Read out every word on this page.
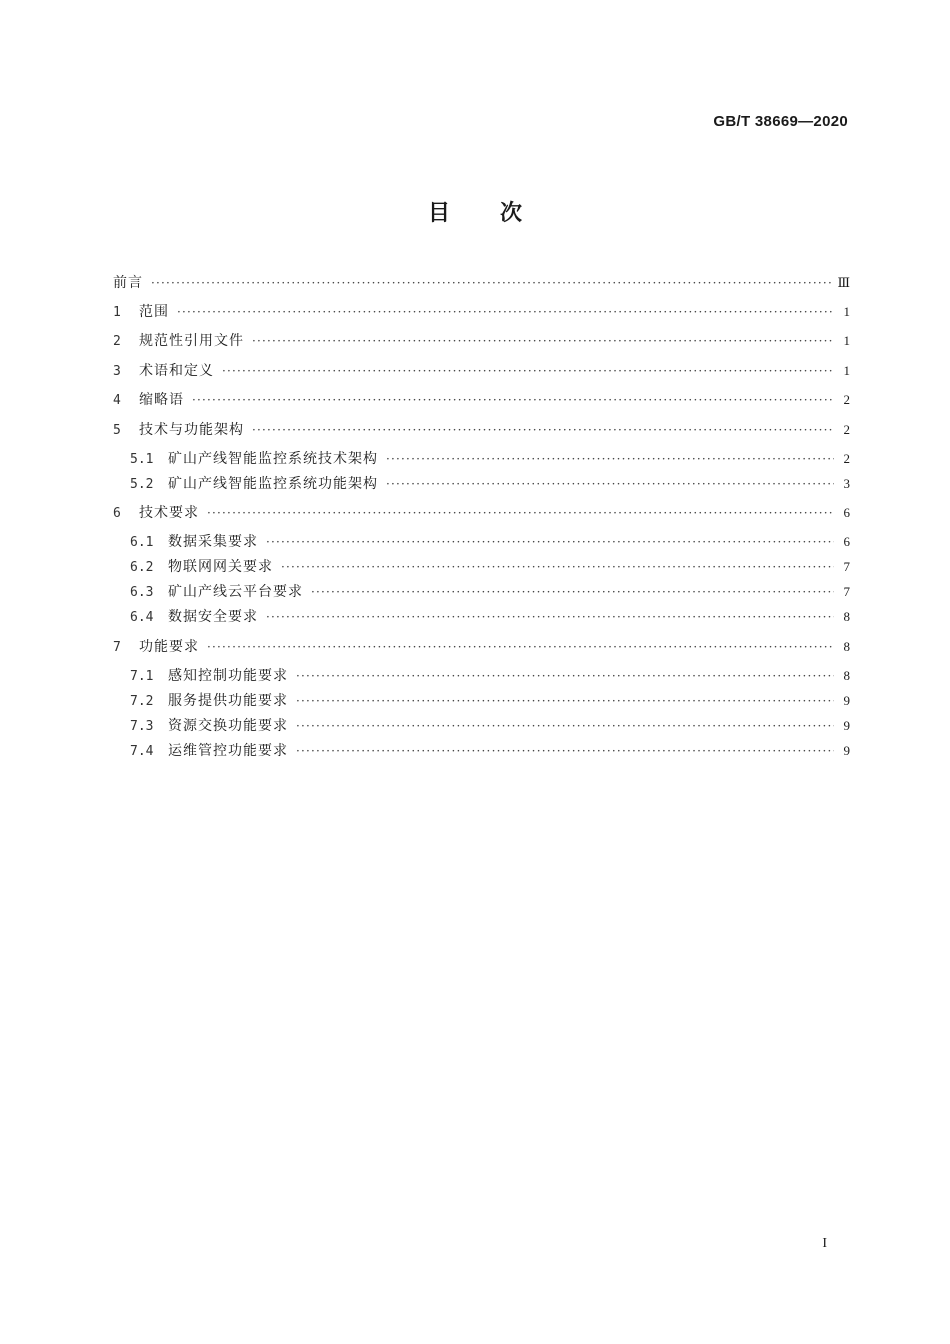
GB/T 38669—2020
目次
前言 ·····	Ⅲ
1	范围 ·····	1
2	规范性引用文件 ·····	1
3	术语和定义 ·····	1
4	缩略语 ·····	2
5	技术与功能架构 ·····	2
5.1	矿山产线智能监控系统技术架构 ·····	2
5.2	矿山产线智能监控系统功能架构 ·····	3
6	技术要求 ·····	6
6.1	数据采集要求 ·····	6
6.2	物联网网关要求 ·····	7
6.3	矿山产线云平台要求 ·····	7
6.4	数据安全要求 ·····	8
7	功能要求 ·····	8
7.1	感知控制功能要求 ·····	8
7.2	服务提供功能要求 ·····	9
7.3	资源交换功能要求 ·····	9
7.4	运维管控功能要求 ·····	9
I
